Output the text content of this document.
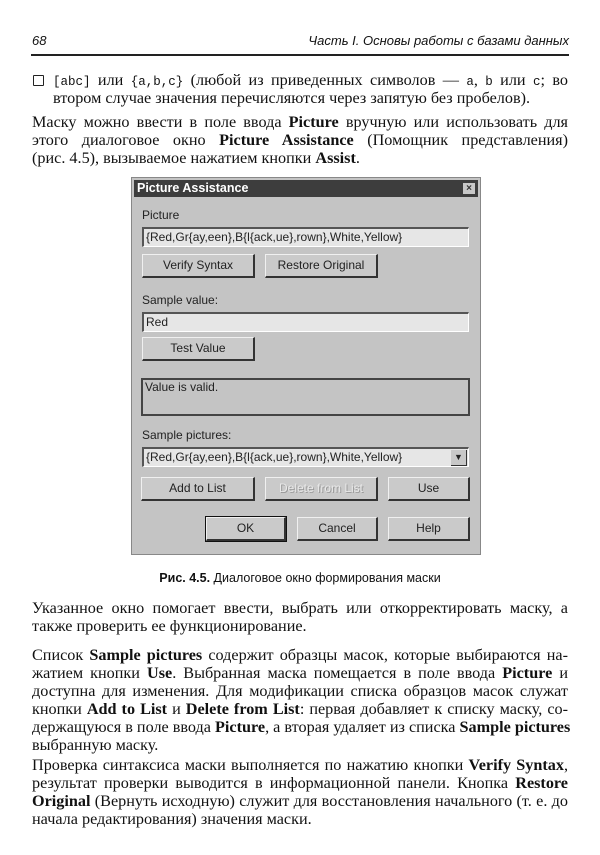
68	Часть I. Основы работы с базами данных
[abc] или {a,b,c} (любой из приведенных символов — a, b или c; во
втором случае значения перечисляются через запятую без пробелов).
Маску можно ввести в поле ввода Picture вручную или использовать для
этого диалоговое окно Picture Assistance (Помощник представления)
(рис. 4.5), вызываемое нажатием кнопки Assist.
Picture Assistance	×
Picture
{Red,Gr{ay,een},B{l{ack,ue},rown},White,Yellow}
Verify Syntax	Restore Original
Sample value:
Red
Test Value
Value is valid.
Sample pictures:
{Red,Gr{ay,een},B{l{ack,ue},rown},White,Yellow}	▼
Add to List	Delete from List	Use
OK	Cancel	Help
Рис. 4.5. Диалоговое окно формирования маски
Указанное окно помогает ввести, выбрать или откорректировать маску, а
также проверить ее функционирование.
Список Sample pictures содержит образцы масок, которые выбираются на-
жатием кнопки Use. Выбранная маска помещается в поле ввода Picture и
доступна для изменения. Для модификации списка образцов масок служат
кнопки Add to List и Delete from List: первая добавляет к списку маску, со-
держащуюся в поле ввода Picture, а вторая удаляет из списка Sample pictures
выбранную маску.
Проверка синтаксиса маски выполняется по нажатию кнопки Verify Syntax,
результат проверки выводится в информационной панели. Кнопка Restore
Original (Вернуть исходную) служит для восстановления начального (т. е. до
начала редактирования) значения маски.
